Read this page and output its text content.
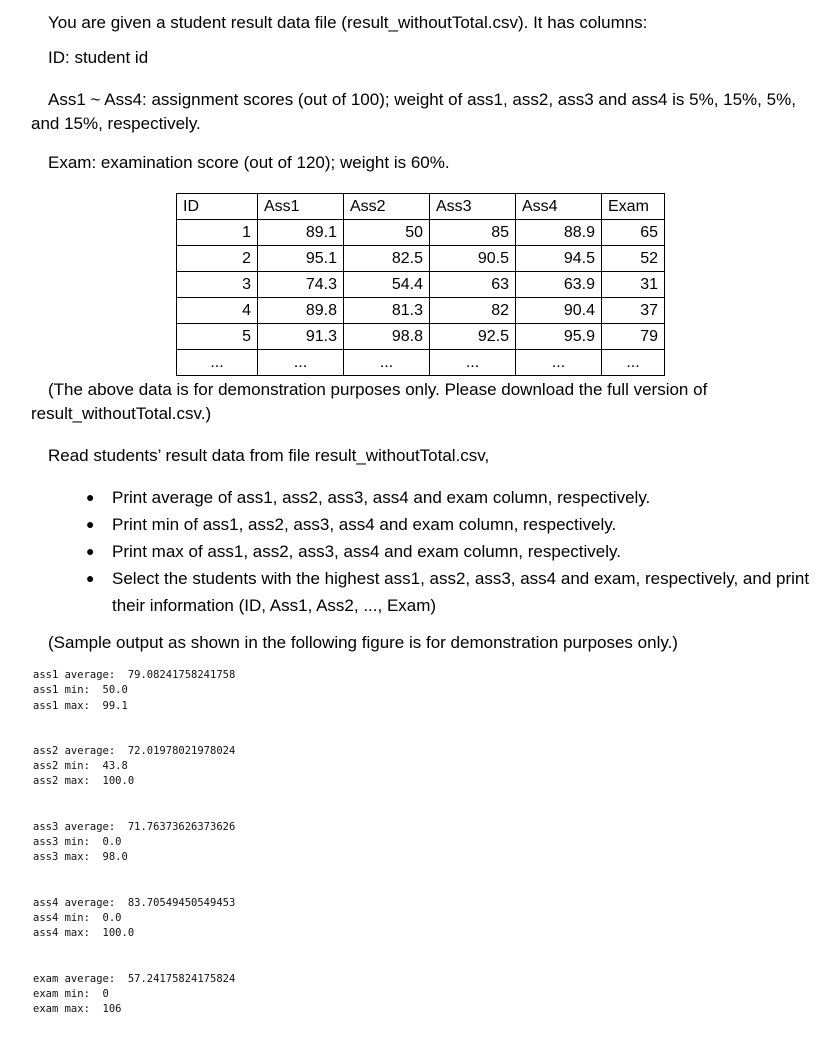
You are given a student result data file (result_withoutTotal.csv). It has columns:

ID: student id

Ass1 ~ Ass4: assignment scores (out of 100); weight of ass1, ass2, ass3 and ass4 is 5%, 15%, 5%,

and 15%, respectively.

Exam: examination score (out of 120); weight is 60%.

ID	Ass1	Ass2	Ass3	Ass4	Exam
1	89.1	50	85	88.9	65
2	95.1	82.5	90.5	94.5	52
3	74.3	54.4	63	63.9	31
4	89.8	81.3	82	90.4	37
5	91.3	98.8	92.5	95.9	79
...	...	...	...	...	...

(The above data is for demonstration purposes only. Please download the full version of

result_withoutTotal.csv.)

Read students’ result data from file result_withoutTotal.csv,

● Print average of ass1, ass2, ass3, ass4 and exam column, respectively.
● Print min of ass1, ass2, ass3, ass4 and exam column, respectively.
● Print max of ass1, ass2, ass3, ass4 and exam column, respectively.
● Select the students with the highest ass1, ass2, ass3, ass4 and exam, respectively, and print their information (ID, Ass1, Ass2, ..., Exam)

(Sample output as shown in the following figure is for demonstration purposes only.)

ass1 average:  79.08241758241758
ass1 min:  50.0
ass1 max:  99.1
ass2 average:  72.01978021978024
ass2 min:  43.8
ass2 max:  100.0
ass3 average:  71.76373626373626
ass3 min:  0.0
ass3 max:  98.0
ass4 average:  83.70549450549453
ass4 min:  0.0
ass4 max:  100.0
exam average:  57.24175824175824
exam min:  0
exam max:  106
